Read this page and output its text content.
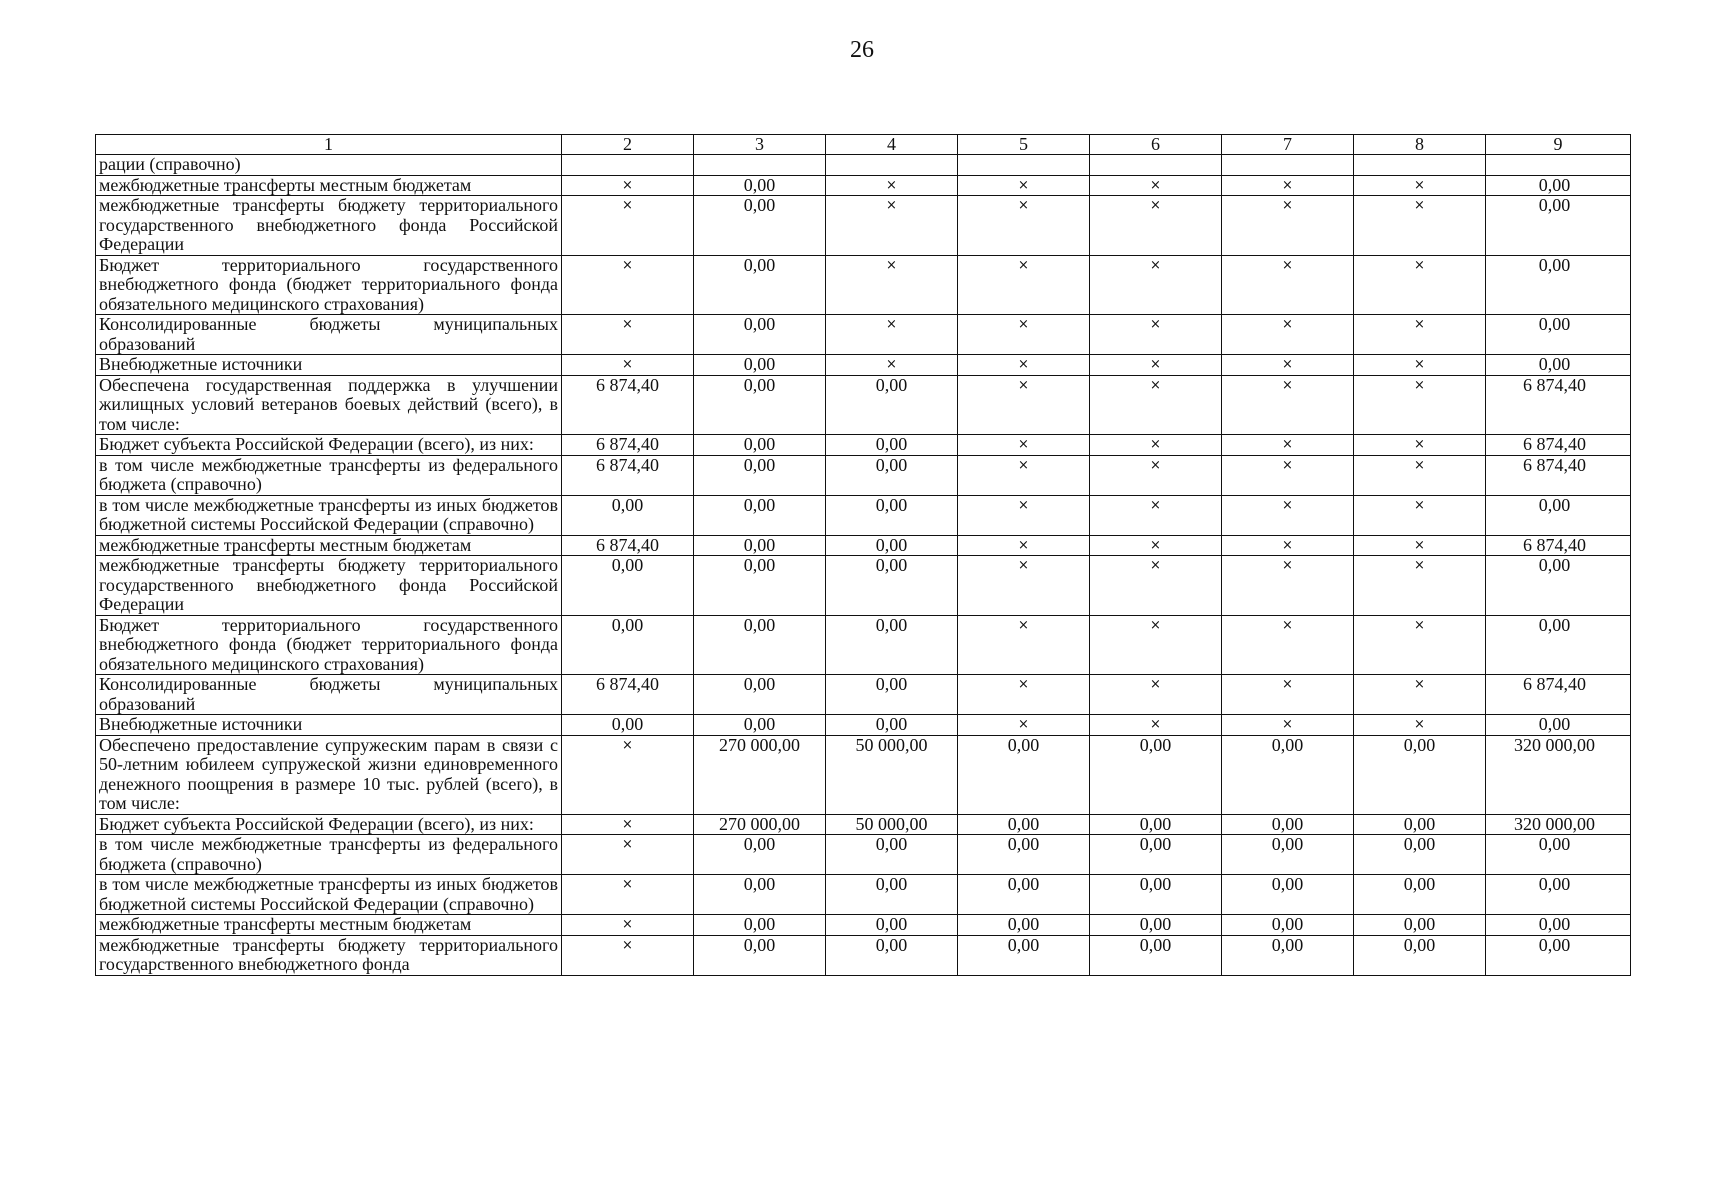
26
1	2	3	4	5	6	7	8	9
рации (справочно)								
межбюджетные трансферты местным бюджетам	×	0,00	×	×	×	×	×	0,00
межбюджетные трансферты бюджету территориального государственного внебюджетного фонда Российской Федерации	×	0,00	×	×	×	×	×	0,00
Бюджет территориального государственного внебюджетного фонда (бюджет территориального фонда обязательного медицинского страхования)	×	0,00	×	×	×	×	×	0,00
Консолидированные бюджеты муниципальных образований	×	0,00	×	×	×	×	×	0,00
Внебюджетные источники	×	0,00	×	×	×	×	×	0,00
Обеспечена государственная поддержка в улучшении жилищных условий ветеранов боевых действий (всего), в том числе:	6 874,40	0,00	0,00	×	×	×	×	6 874,40
Бюджет субъекта Российской Федерации (всего), из них:	6 874,40	0,00	0,00	×	×	×	×	6 874,40
в том числе межбюджетные трансферты из федерального бюджета (справочно)	6 874,40	0,00	0,00	×	×	×	×	6 874,40
в том числе межбюджетные трансферты из иных бюджетов бюджетной системы Российской Федерации (справочно)	0,00	0,00	0,00	×	×	×	×	0,00
межбюджетные трансферты местным бюджетам	6 874,40	0,00	0,00	×	×	×	×	6 874,40
межбюджетные трансферты бюджету территориального государственного внебюджетного фонда Российской Федерации	0,00	0,00	0,00	×	×	×	×	0,00
Бюджет территориального государственного внебюджетного фонда (бюджет территориального фонда обязательного медицинского страхования)	0,00	0,00	0,00	×	×	×	×	0,00
Консолидированные бюджеты муниципальных образований	6 874,40	0,00	0,00	×	×	×	×	6 874,40
Внебюджетные источники	0,00	0,00	0,00	×	×	×	×	0,00
Обеспечено предоставление супружеским парам в связи с 50-летним юбилеем супружеской жизни единовременного денежного поощрения в размере 10 тыс. рублей (всего), в том числе:	×	270 000,00	50 000,00	0,00	0,00	0,00	0,00	320 000,00
Бюджет субъекта Российской Федерации (всего), из них:	×	270 000,00	50 000,00	0,00	0,00	0,00	0,00	320 000,00
в том числе межбюджетные трансферты из федерального бюджета (справочно)	×	0,00	0,00	0,00	0,00	0,00	0,00	0,00
в том числе межбюджетные трансферты из иных бюджетов бюджетной системы Российской Федерации (справочно)	×	0,00	0,00	0,00	0,00	0,00	0,00	0,00
межбюджетные трансферты местным бюджетам	×	0,00	0,00	0,00	0,00	0,00	0,00	0,00
межбюджетные трансферты бюджету территориального государственного внебюджетного фонда	×	0,00	0,00	0,00	0,00	0,00	0,00	0,00
